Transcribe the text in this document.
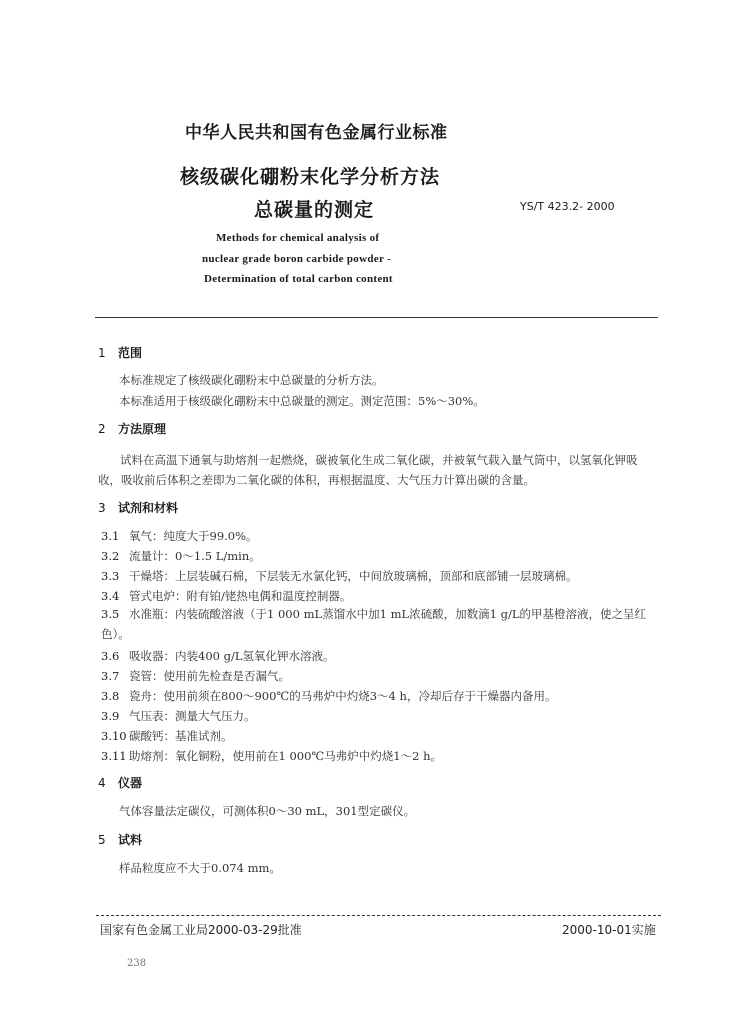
中华人民共和国有色金属行业标准
核级碳化硼粉末化学分析方法
总碳量的测定	YS/T 423.2- 2000
Methods for chemical analysis of
nuclear grade boron carbide powder -
Determination of total carbon content
1 范围
本标准规定了核级碳化硼粉末中总碳量的分析方法。
本标准适用于核级碳化硼粉末中总碳量的测定。测定范围：5%～30%。
2 方法原理
试料在高温下通氧与助熔剂一起燃烧，碳被氧化生成二氧化碳，并被氧气载入量气筒中，以氢氧化钾吸收，吸收前后体积之差即为二氧化碳的体积，再根据温度、大气压力计算出碳的含量。
3 试剂和材料
3.1 氧气：纯度大于99.0%。
3.2 流量计：0～1.5 L/min。
3.3 干燥塔：上层装碱石棉，下层装无水氯化钙，中间放玻璃棉，顶部和底部铺一层玻璃棉。
3.4 管式电炉：附有铂/铑热电偶和温度控制器。
3.5 水准瓶：内装硫酸溶液（于1 000 mL蒸馏水中加1 mL浓硫酸，加数滴1 g/L的甲基橙溶液，使之呈红色）。
3.6 吸收器：内装400 g/L氢氧化钾水溶液。
3.7 瓷管：使用前先检查是否漏气。
3.8 瓷舟：使用前须在800～900℃的马弗炉中灼烧3～4 h，冷却后存于干燥器内备用。
3.9 气压表：测量大气压力。
3.10 碳酸钙：基准试剂。
3.11 助熔剂：氧化铜粉，使用前在1 000℃马弗炉中灼烧1～2 h。
4 仪器
气体容量法定碳仪，可测体积0～30 mL，301型定碳仪。
5 试料
样品粒度应不大于0.074 mm。
国家有色金属工业局2000-03-29批准	2000-10-01实施
238
